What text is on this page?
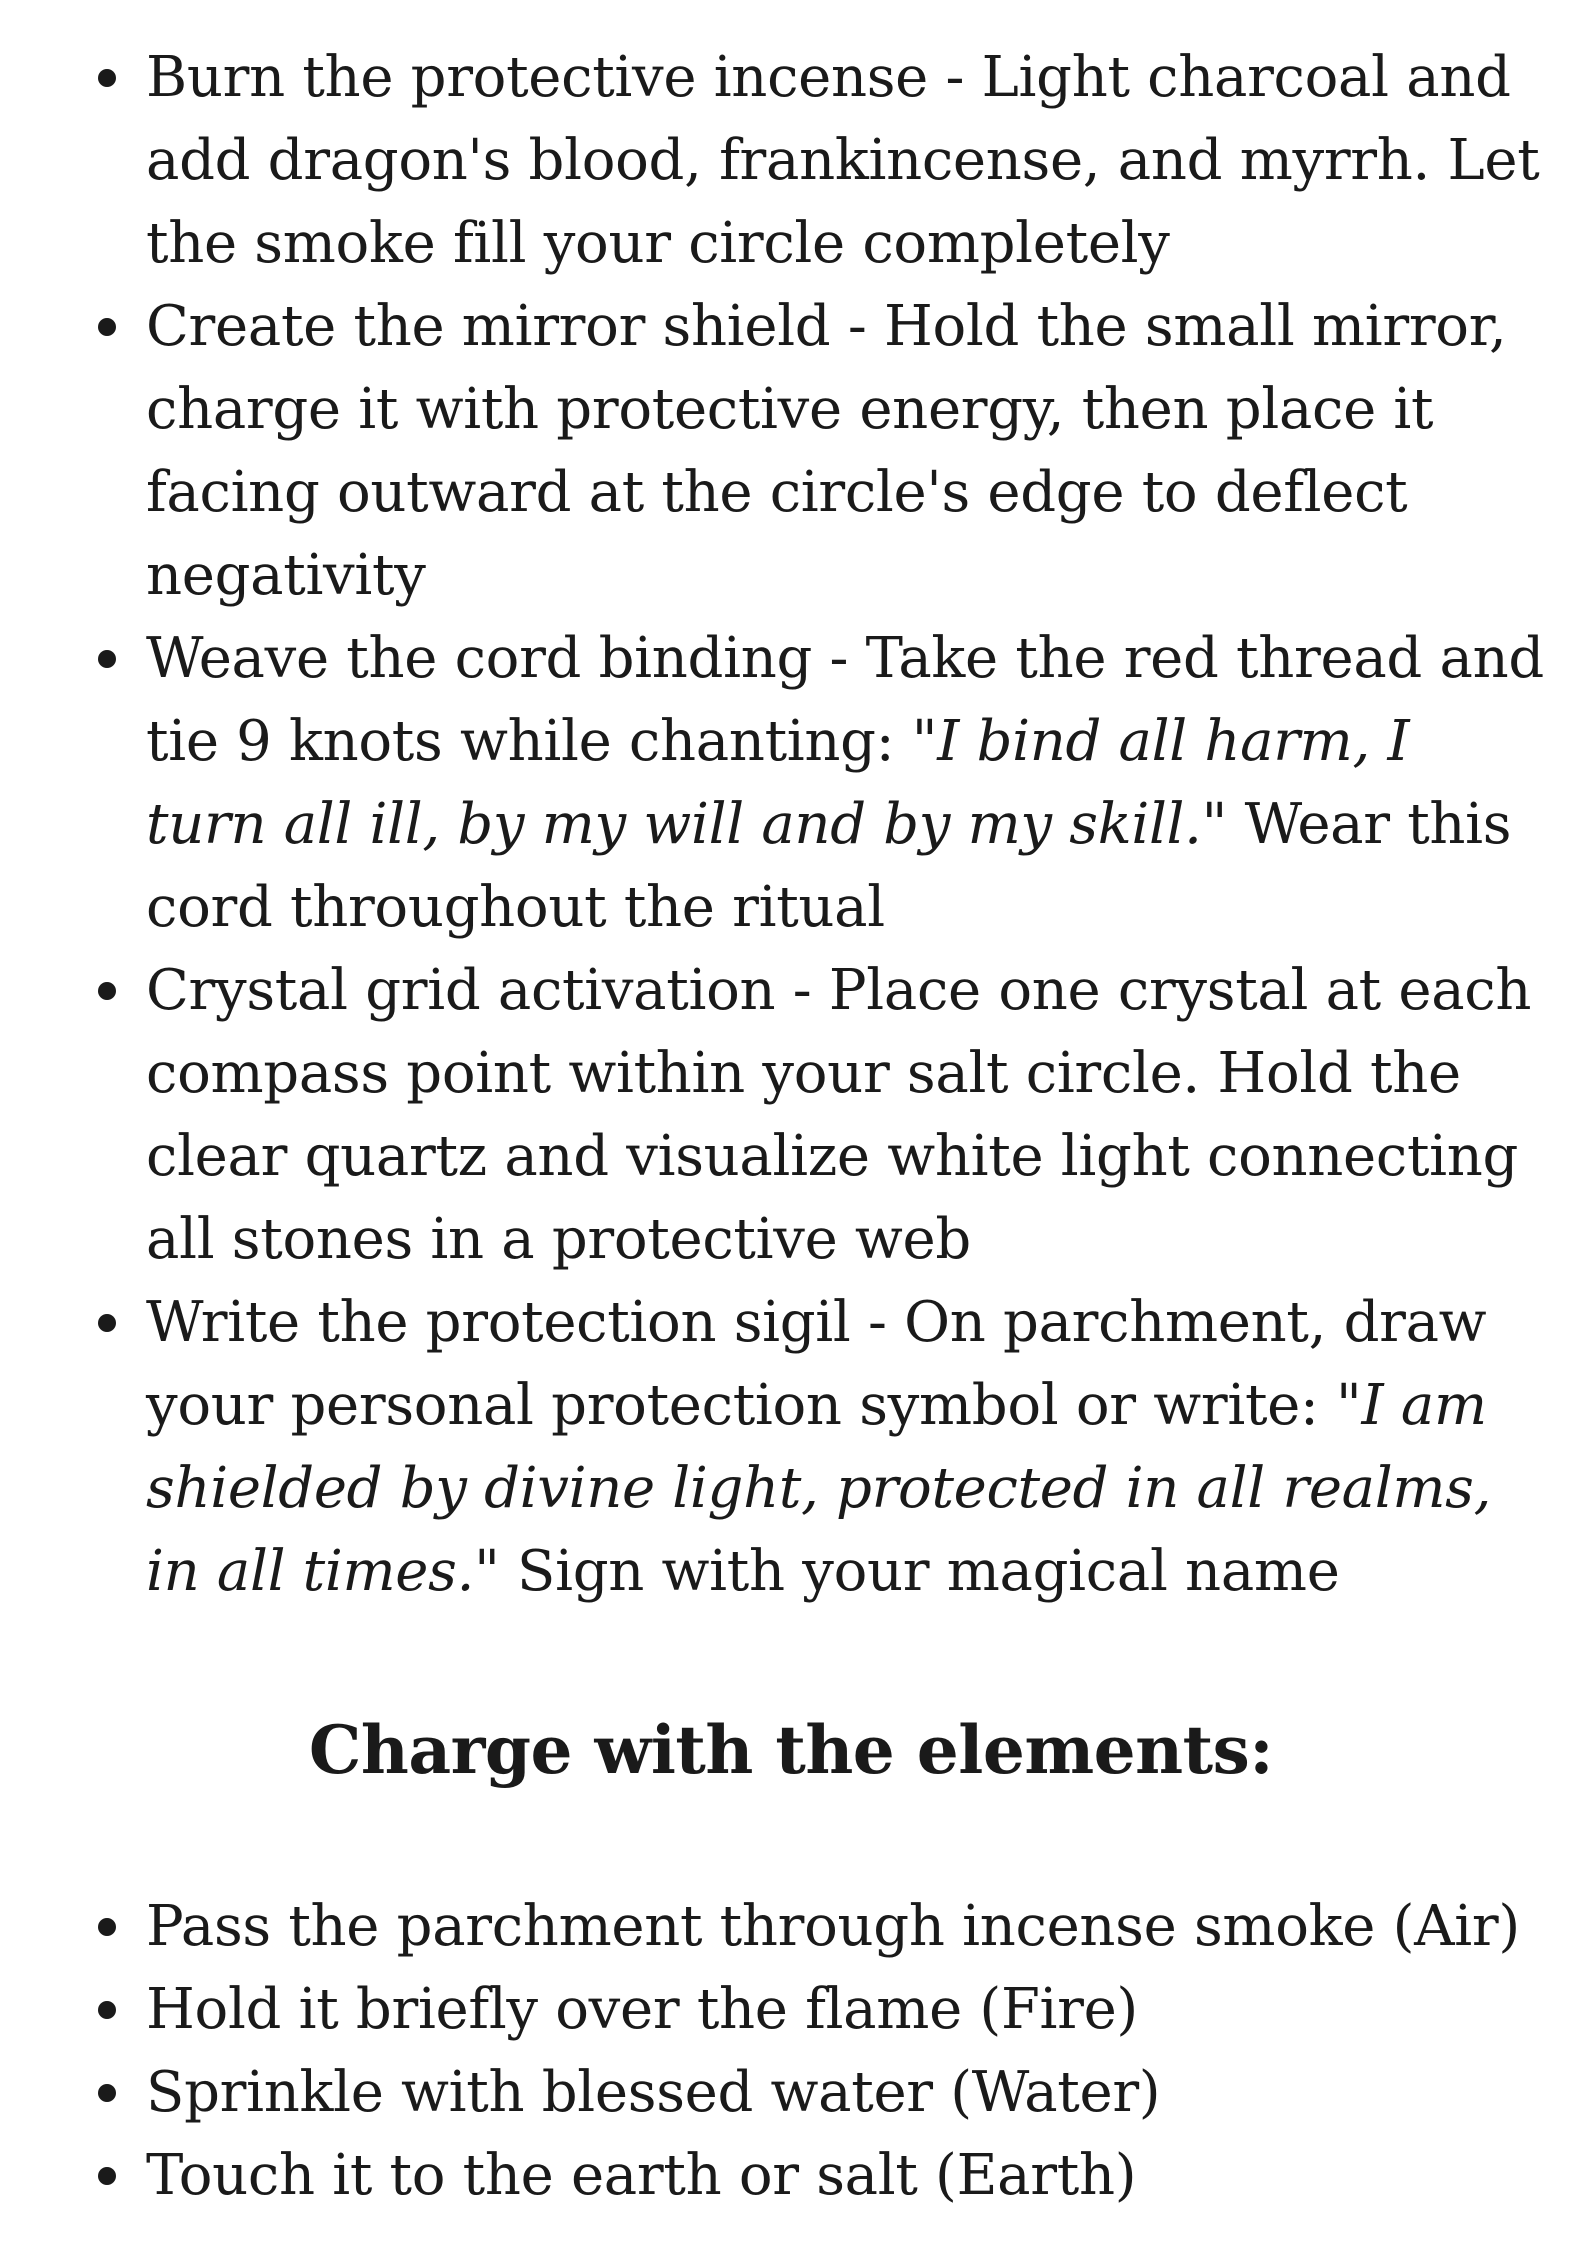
Burn the protective incense - Light charcoal and add dragon's blood, frankincense, and myrrh. Let the smoke fill your circle completely
Create the mirror shield - Hold the small mirror, charge it with protective energy, then place it facing outward at the circle's edge to deflect negativity
Weave the cord binding - Take the red thread and tie 9 knots while chanting: "I bind all harm, I turn all ill, by my will and by my skill." Wear this cord throughout the ritual
Crystal grid activation - Place one crystal at each compass point within your salt circle. Hold the clear quartz and visualize white light connecting all stones in a protective web
Write the protection sigil - On parchment, draw your personal protection symbol or write: "I am shielded by divine light, protected in all realms, in all times." Sign with your magical name
Charge with the elements:
Pass the parchment through incense smoke (Air)
Hold it briefly over the flame (Fire)
Sprinkle with blessed water (Water)
Touch it to the earth or salt (Earth)
